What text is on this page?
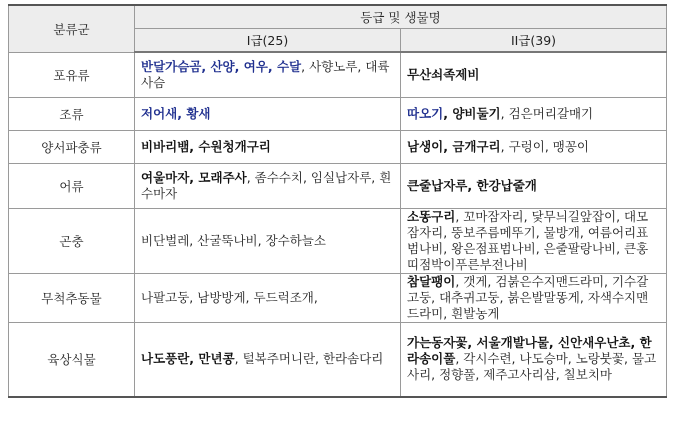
분류군	등급 및 생물명	
	I급(25)	II급(39)
포유류	반달가슴곰, 산양, 여우, 수달, 사향노루, 대륙사슴	무산쇠족제비
조류	저어새, 황새	따오기, 양비둘기, 검은머리갈매기
양서파충류	비바리뱀, 수원청개구리	남생이, 금개구리, 구렁이, 맹꽁이
어류	여울마자, 모래주사, 좀수수치, 임실납자루, 흰수마자	큰줄납자루, 한강납줄개
곤충	비단벌레, 산굴뚝나비, 장수하늘소	소똥구리, 꼬마잠자리, 닻무늬길앞잡이, 대모잠자리, 뚱보주름메뚜기, 물방개, 여름어리표범나비, 왕은점표범나비, 은줄팔랑나비, 큰홍띠점박이푸른부전나비
무척추동물	나팔고둥, 남방방게, 두드럭조개,	참달팽이, 갯게, 검붉은수지맨드라미, 기수갈고둥, 대추귀고둥, 붉은발말똥게, 자색수지맨드라미, 흰발농게
육상식물	나도풍란, 만년콩, 털복주머니란, 한라솜다리	가는동자꽃, 서울개발나물, 신안새우난초, 한라송이풀, 각시수련, 나도승마, 노랑붓꽃, 물고사리, 정향풀, 제주고사리삼, 칠보치마
